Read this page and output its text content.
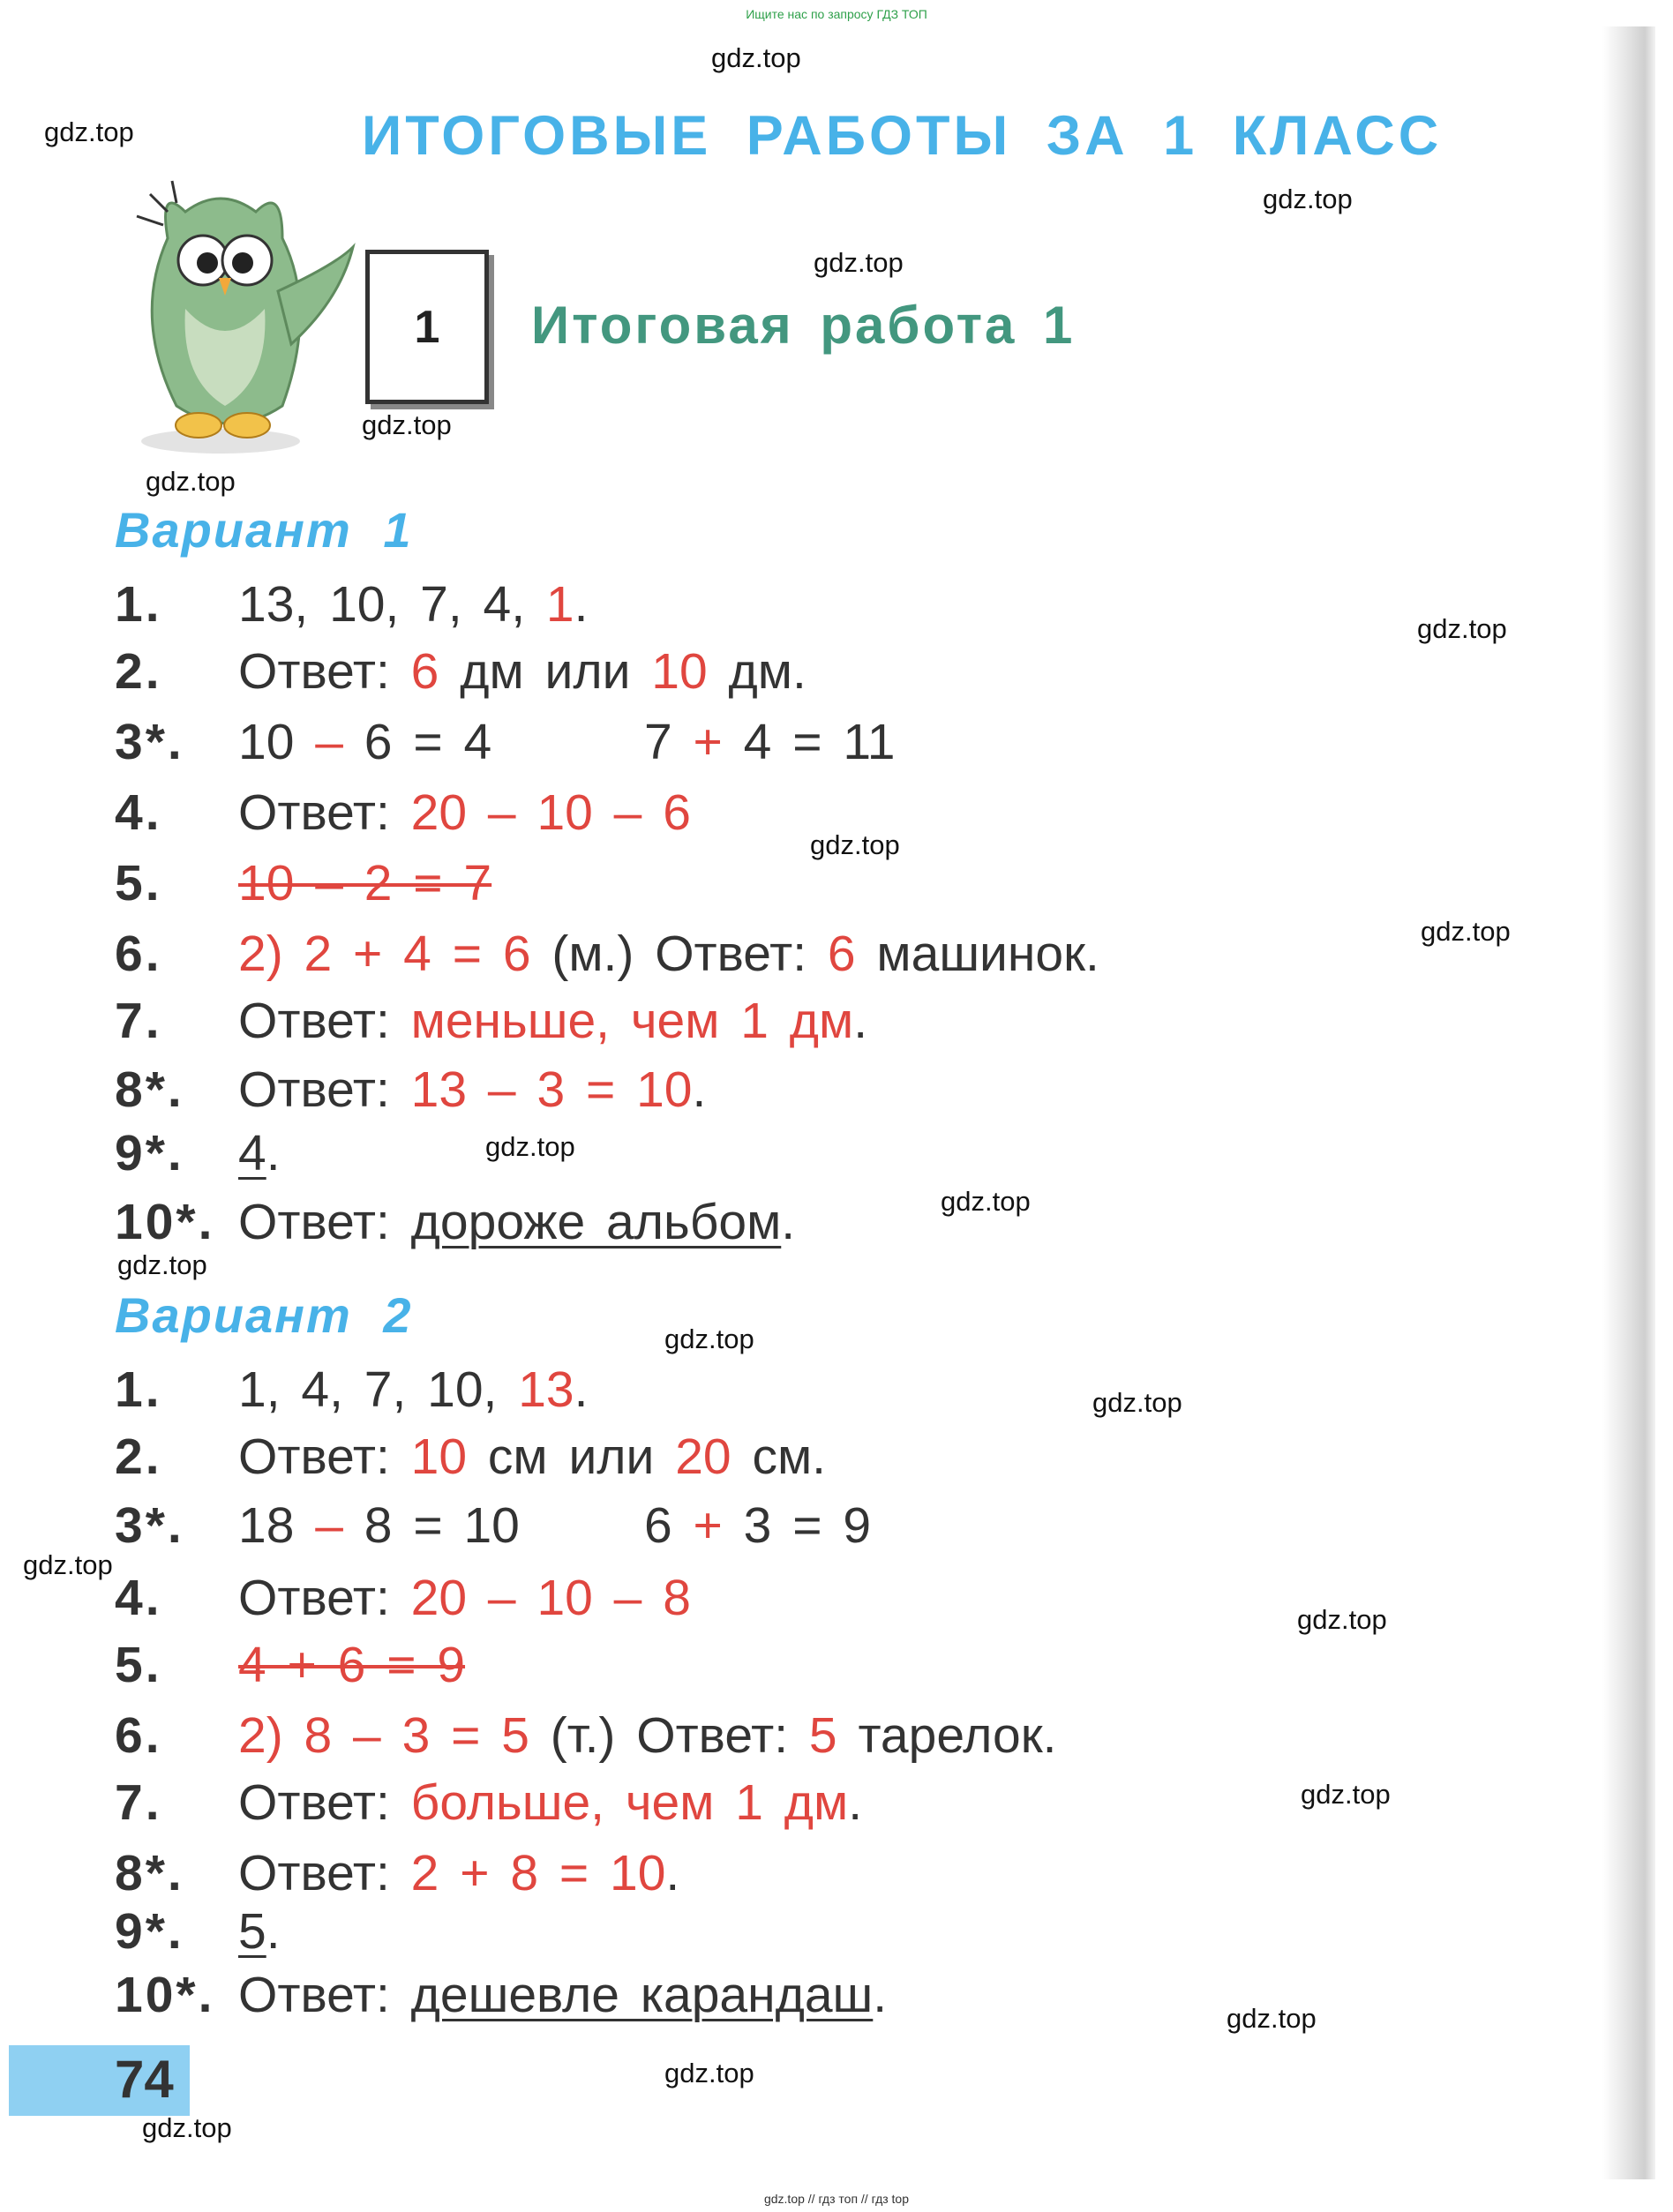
Ищите нас по запросу ГДЗ ТОП
ИТОГОВЫЕ РАБОТЫ ЗА 1 КЛАСС
1 Итоговая работа 1
Вариант 1
1. 13, 10, 7, 4, 1.
2. Ответ: 6 дм или 10 дм.
3*. 10 – 6 = 4	7 + 4 = 11
4. Ответ: 20 – 10 – 6
5. 10 – 2 = 7
6. 2) 2 + 4 = 6 (м.) Ответ: 6 машинок.
7. Ответ: меньше, чем 1 дм.
8*. Ответ: 13 – 3 = 10.
9*. 4.
10*. Ответ: дороже альбом.
Вариант 2
1. 1, 4, 7, 10, 13.
2. Ответ: 10 см или 20 см.
3*. 18 – 8 = 10 6 + 3 = 9
4. Ответ: 20 – 10 – 8
5. 4 + 6 = 9
6. 2) 8 – 3 = 5 (т.) Ответ: 5 тарелок.
7. Ответ: больше, чем 1 дм.
8*. Ответ: 2 + 8 = 10.
9*. 5.
10*. Ответ: дешевле карандаш.
74
gdz.top
gdz.top
gdz.top
gdz.top
gdz.top
gdz.top
gdz.top
gdz.top
gdz.top
gdz.top
gdz.top
gdz.top
gdz.top
gdz.top
gdz.top
gdz.top
gdz.top
gdz.top
gdz.top
gdz.top
gdz.top // гдз топ // гдз top
